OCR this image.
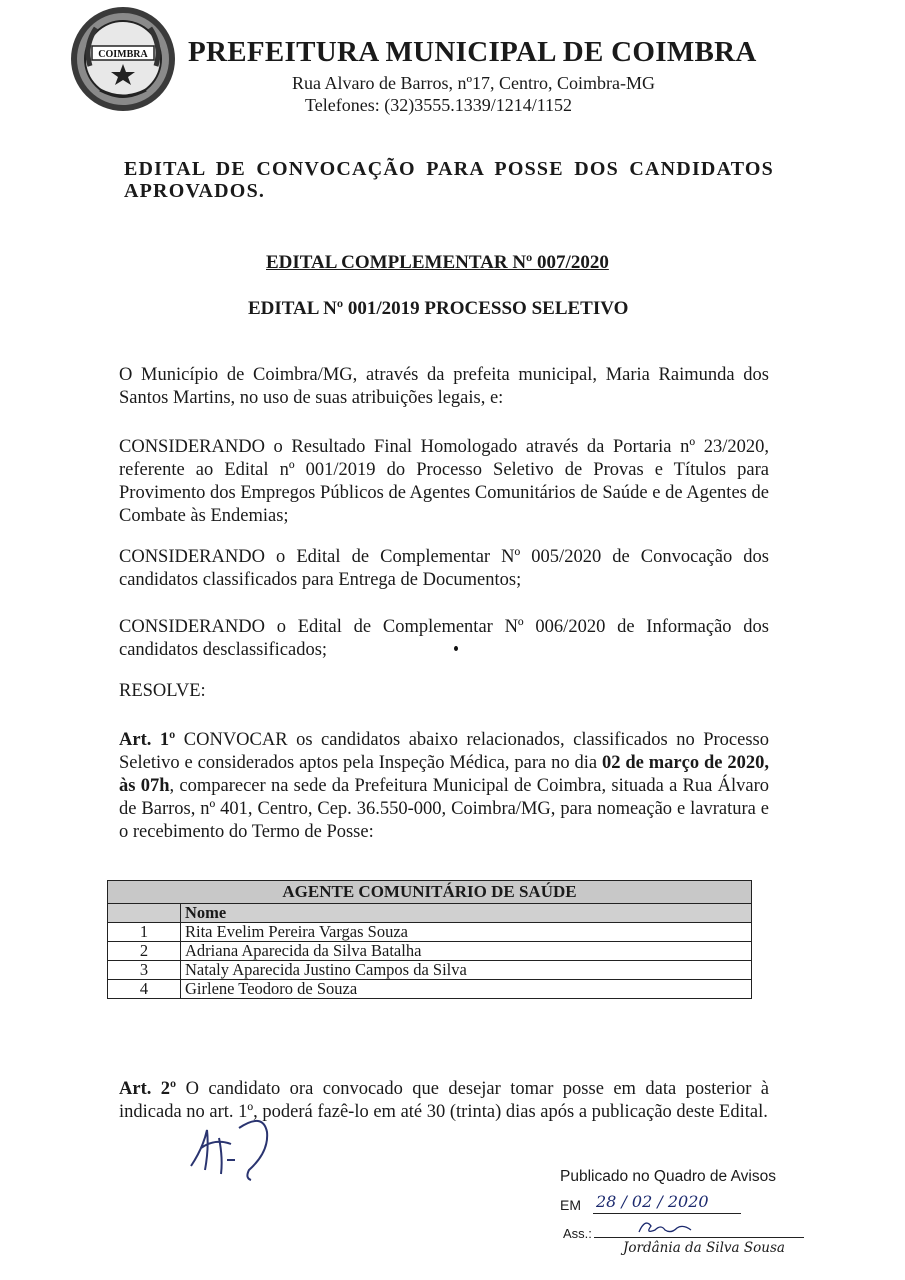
COIMBRA PREFEITURA MUNICIPAL DE COIMBRA
Rua Alvaro de Barros, nº17, Centro, Coimbra-MG
Telefones: (32)3555.1339/1214/1152
EDITAL DE CONVOCAÇÃO PARA POSSE DOS CANDIDATOS APROVADOS.
EDITAL COMPLEMENTAR Nº 007/2020
EDITAL Nº 001/2019 PROCESSO SELETIVO
O Município de Coimbra/MG, através da prefeita municipal, Maria Raimunda dos Santos Martins, no uso de suas atribuições legais, e:
CONSIDERANDO o Resultado Final Homologado através da Portaria nº 23/2020, referente ao Edital nº 001/2019 do Processo Seletivo de Provas e Títulos para Provimento dos Empregos Públicos de Agentes Comunitários de Saúde e de Agentes de Combate às Endemias;
CONSIDERANDO o Edital de Complementar Nº 005/2020 de Convocação dos candidatos classificados para Entrega de Documentos;
CONSIDERANDO o Edital de Complementar Nº 006/2020 de Informação dos candidatos desclassificados;
RESOLVE:
Art. 1º CONVOCAR os candidatos abaixo relacionados, classificados no Processo Seletivo e considerados aptos pela Inspeção Médica, para no dia 02 de março de 2020, às 07h, comparecer na sede da Prefeitura Municipal de Coimbra, situada a Rua Álvaro de Barros, nº 401, Centro, Cep. 36.550-000, Coimbra/MG, para nomeação e lavratura e o recebimento do Termo de Posse:
AGENTE COMUNITÁRIO DE SAÚDE	
	Nome
1	Rita Evelim Pereira Vargas Souza
2	Adriana Aparecida da Silva Batalha
3	Nataly Aparecida Justino Campos da Silva
4	Girlene Teodoro de Souza
Art. 2º O candidato ora convocado que desejar tomar posse em data posterior à indicada no art. 1º, poderá fazê-lo em até 30 (trinta) dias após a publicação deste Edital.
Publicado no Quadro de Avisos
EM 28 / 02 / 2020
Ass.:
Jordânia da Silva Sousa
